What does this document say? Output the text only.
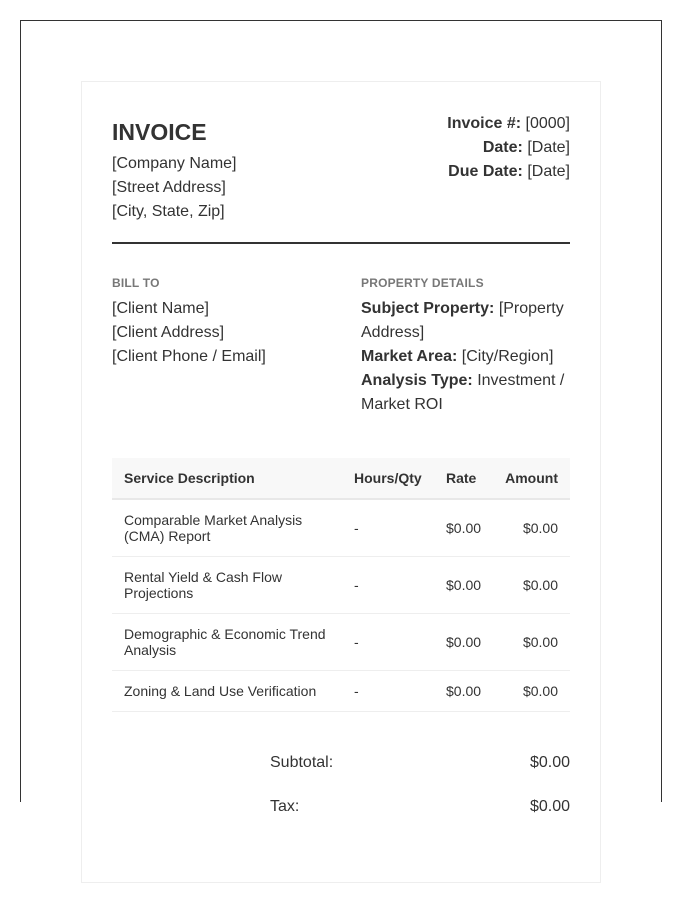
INVOICE
[Company Name]
[Street Address]
[City, State, Zip]
Invoice #: [0000]
Date: [Date]
Due Date: [Date]
BILL TO
[Client Name]
[Client Address]
[Client Phone / Email]
PROPERTY DETAILS
Subject Property: [Property
Address]
Market Area: [City/Region]
Analysis Type: Investment /
Market ROI
Service Description	Hours/Qty	Rate	Amount
Comparable Market Analysis
(CMA) Report	-	$0.00	$0.00
Rental Yield & Cash Flow
Projections	-	$0.00	$0.00
Demographic & Economic Trend
Analysis	-	$0.00	$0.00
Zoning & Land Use Verification	-	$0.00	$0.00
Subtotal:	$0.00
Tax:	$0.00
